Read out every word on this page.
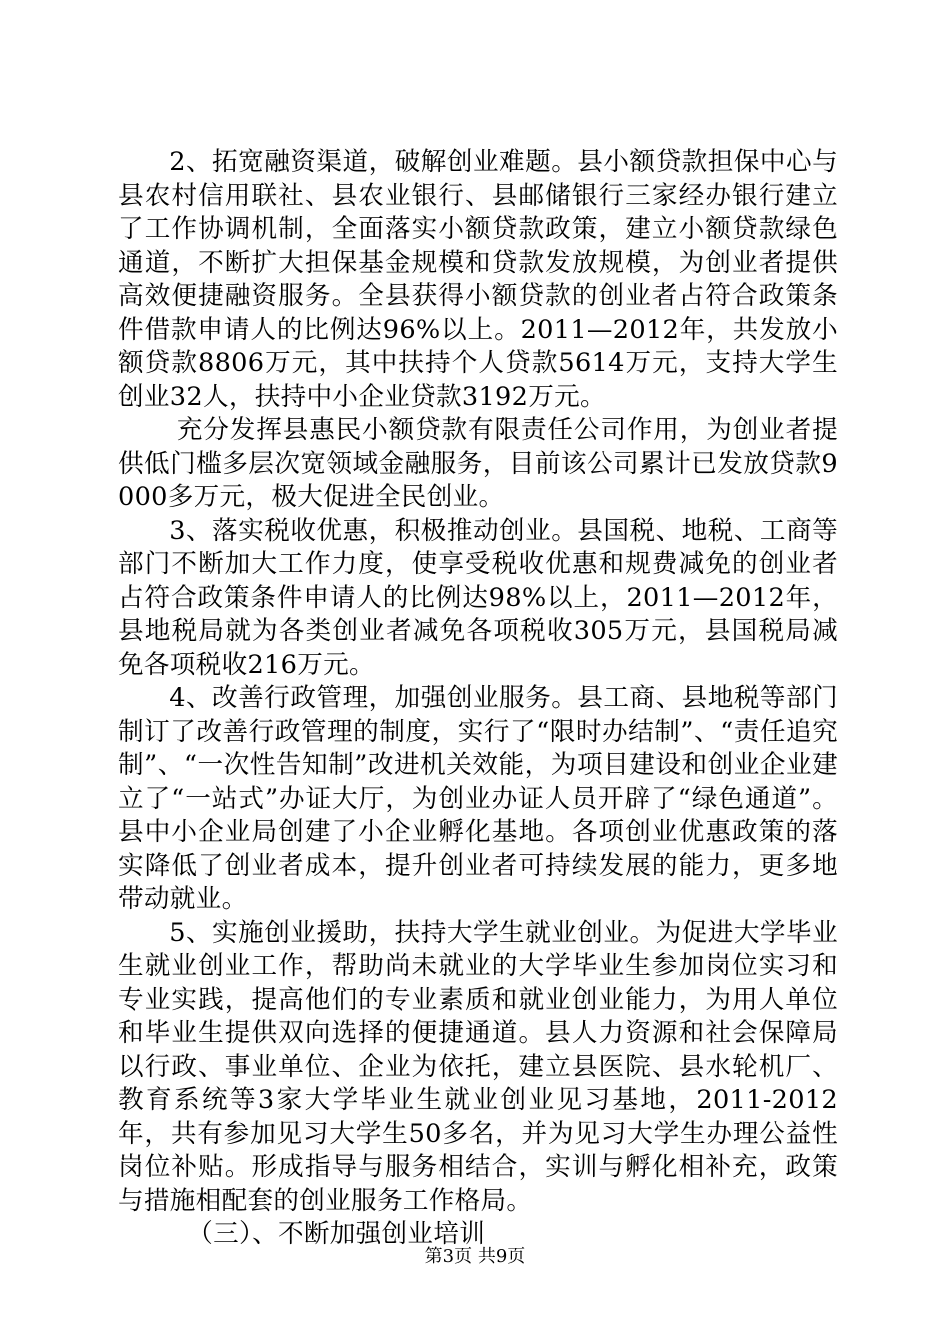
2、拓宽融资渠道，破解创业难题。县小额贷款担保中心与县农村信用联社、县农业银行、县邮储银行三家经办银行建立了工作协调机制，全面落实小额贷款政策，建立小额贷款绿色通道，不断扩大担保基金规模和贷款发放规模，为创业者提供高效便捷融资服务。全县获得小额贷款的创业者占符合政策条件借款申请人的比例达96%以上。2011—2012年，共发放小额贷款8806万元，其中扶持个人贷款5614万元，支持大学生创业32人，扶持中小企业贷款3192万元。

充分发挥县惠民小额贷款有限责任公司作用，为创业者提供低门槛多层次宽领域金融服务，目前该公司累计已发放贷款9000多万元，极大促进全民创业。

3、落实税收优惠，积极推动创业。县国税、地税、工商等部门不断加大工作力度，使享受税收优惠和规费减免的创业者占符合政策条件申请人的比例达98%以上，2011—2012年，县地税局就为各类创业者减免各项税收305万元，县国税局减免各项税收216万元。

4、改善行政管理，加强创业服务。县工商、县地税等部门制订了改善行政管理的制度，实行了“限时办结制”、“责任追究制”、“一次性告知制”改进机关效能，为项目建设和创业企业建立了“一站式”办证大厅，为创业办证人员开辟了“绿色通道”。县中小企业局创建了小企业孵化基地。各项创业优惠政策的落实降低了创业者成本，提升创业者可持续发展的能力，更多地带动就业。

5、实施创业援助，扶持大学生就业创业。为促进大学毕业生就业创业工作，帮助尚未就业的大学毕业生参加岗位实习和专业实践，提高他们的专业素质和就业创业能力，为用人单位和毕业生提供双向选择的便捷通道。县人力资源和社会保障局以行政、事业单位、企业为依托，建立县医院、县水轮机厂、教育系统等3家大学毕业生就业创业见习基地，2011-2012年，共有参加见习大学生50多名，并为见习大学生办理公益性岗位补贴。形成指导与服务相结合，实训与孵化相补充，政策与措施相配套的创业服务工作格局。

（三）、不断加强创业培训

第3页 共9页
